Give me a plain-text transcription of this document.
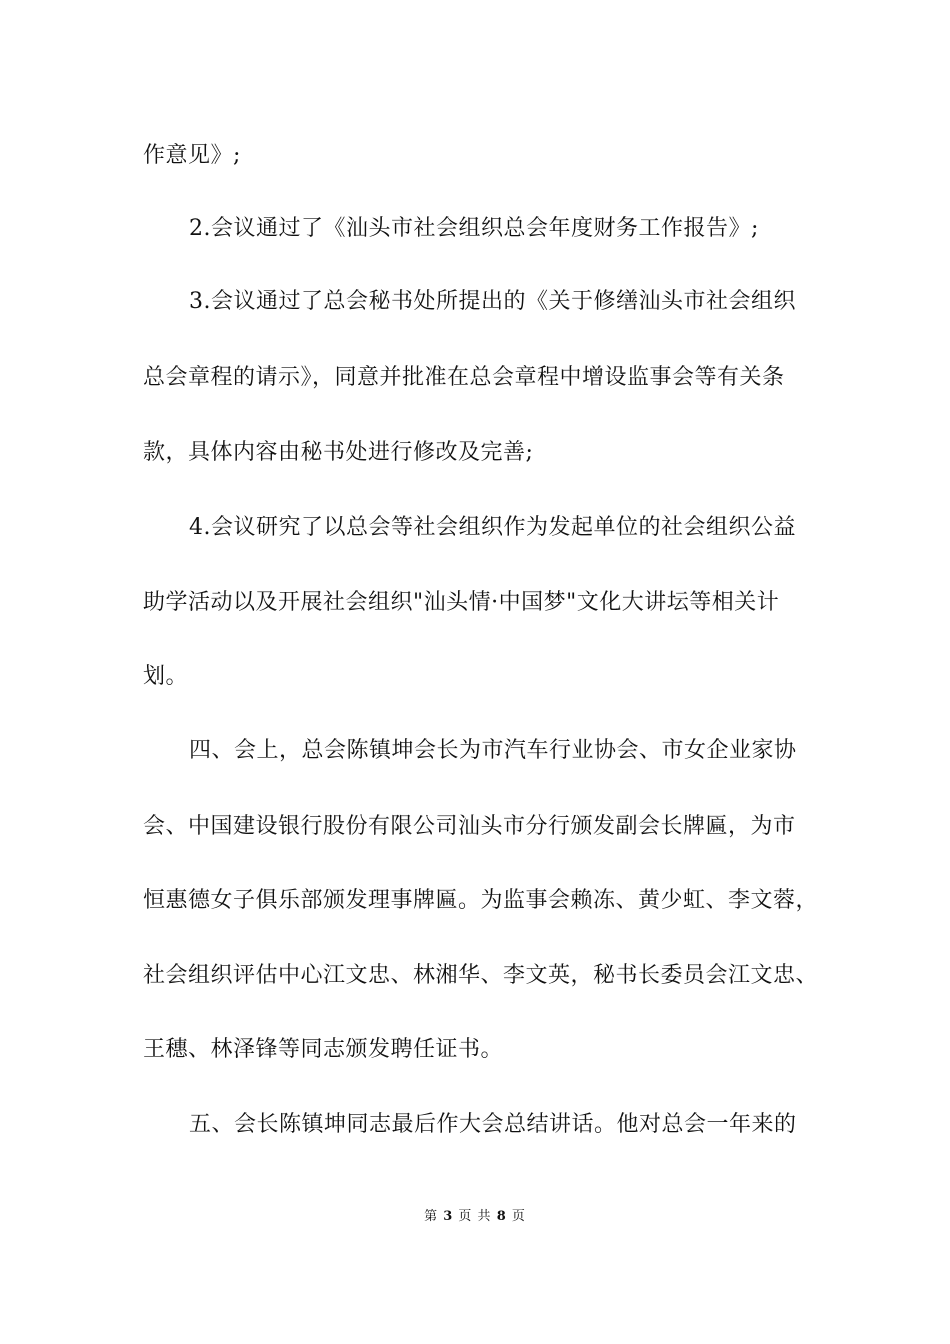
作意见》;
2.会议通过了《汕头市社会组织总会年度财务工作报告》;
3.会议通过了总会秘书处所提出的《关于修缮汕头市社会组织
总会章程的请示》，同意并批准在总会章程中增设监事会等有关条
款，具体内容由秘书处进行修改及完善;
4.会议研究了以总会等社会组织作为发起单位的社会组织公益
助学活动以及开展社会组织"汕头情·中国梦"文化大讲坛等相关计
划。
四、会上，总会陈镇坤会长为市汽车行业协会、市女企业家协
会、中国建设银行股份有限公司汕头市分行颁发副会长牌匾，为市
恒惠德女子俱乐部颁发理事牌匾。为监事会赖冻、黄少虹、李文蓉，
社会组织评估中心江文忠、林湘华、李文英，秘书长委员会江文忠、
王穗、林泽锋等同志颁发聘任证书。
五、会长陈镇坤同志最后作大会总结讲话。他对总会一年来的
第 3 页 共 8 页
